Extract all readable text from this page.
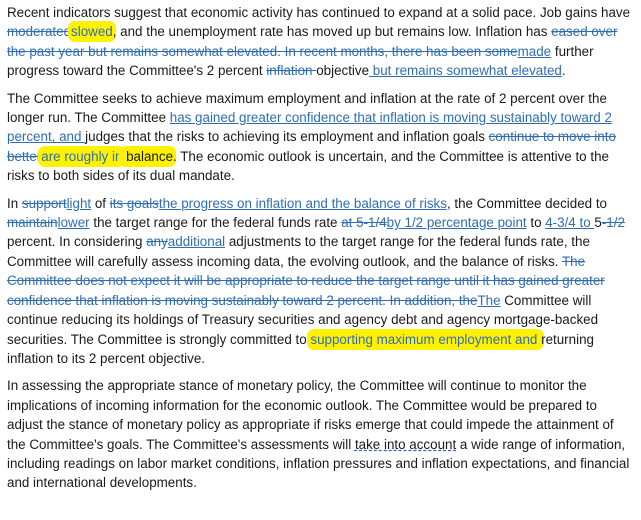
Recent indicators suggest that economic activity has continued to expand at a solid pace. Job gains have moderatedslowed, and the unemployment rate has moved up but remains low. Inflation has eased over the past year but remains somewhat elevated. In recent months, there has been somemade further progress toward the Committee's 2 percent inflation objective but remains somewhat elevated.

The Committee seeks to achieve maximum employment and inflation at the rate of 2 percent over the longer run. The Committee has gained greater confidence that inflation is moving sustainably toward 2 percent, and judges that the risks to achieving its employment and inflation goals continue to move into betterare roughly in balance. The economic outlook is uncertain, and the Committee is attentive to the risks to both sides of its dual mandate.

In supportlight of its goalsthe progress on inflation and the balance of risks, the Committee decided to maintainlower the target range for the federal funds rate at 5-1/4by 1/2 percentage point to 4-3/4 to 5-1/2 percent. In considering anyadditional adjustments to the target range for the federal funds rate, the Committee will carefully assess incoming data, the evolving outlook, and the balance of risks. The Committee does not expect it will be appropriate to reduce the target range until it has gained greater confidence that inflation is moving sustainably toward 2 percent. In addition, theThe Committee will continue reducing its holdings of Treasury securities and agency debt and agency mortgage-backed securities. The Committee is strongly committed to supporting maximum employment and returning inflation to its 2 percent objective.

In assessing the appropriate stance of monetary policy, the Committee will continue to monitor the implications of incoming information for the economic outlook. The Committee would be prepared to adjust the stance of monetary policy as appropriate if risks emerge that could impede the attainment of the Committee's goals. The Committee's assessments will take into account a wide range of information, including readings on labor market conditions, inflation pressures and inflation expectations, and financial and international developments.
